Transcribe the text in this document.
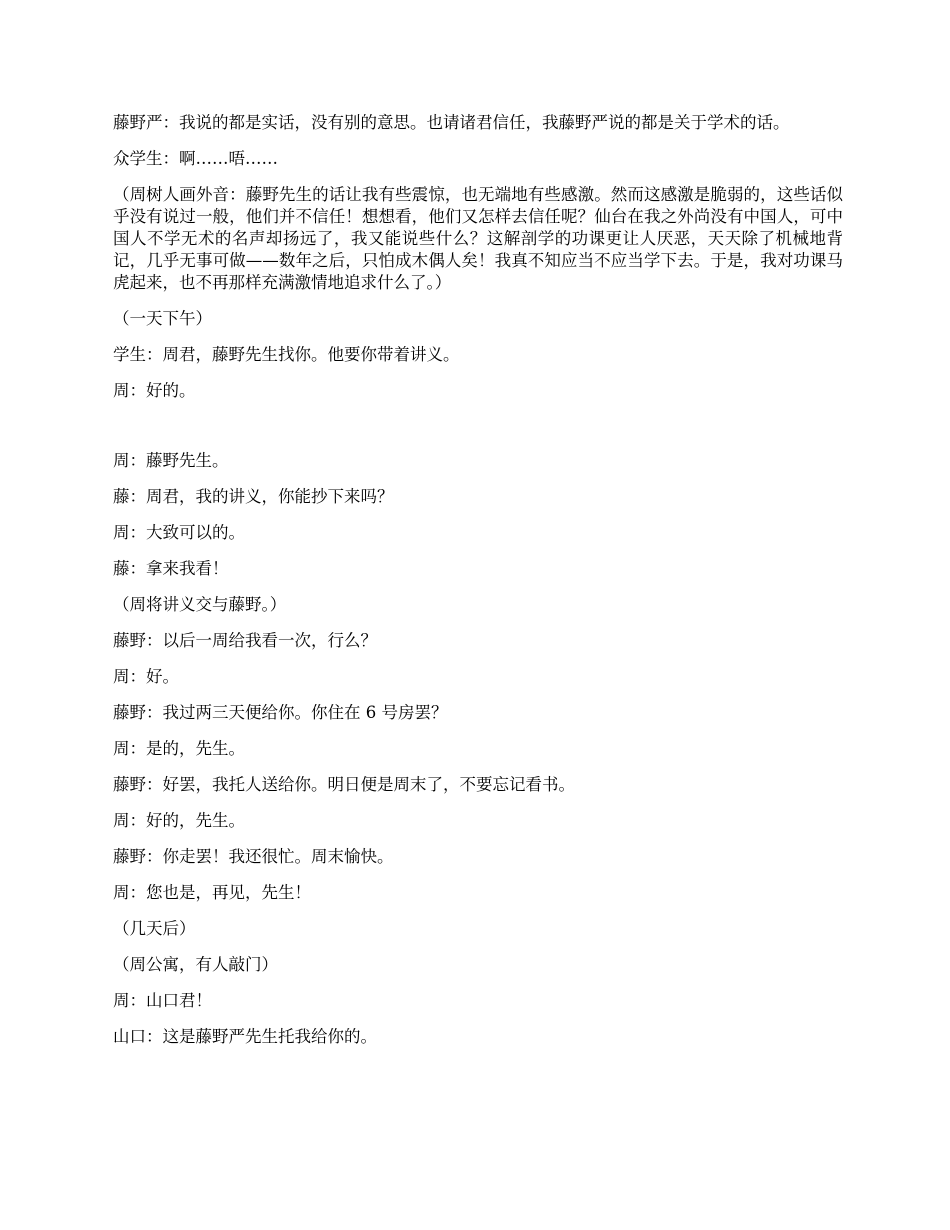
藤野严：我说的都是实话，没有别的意思。也请诸君信任，我藤野严说的都是关于学术的话。

众学生：啊……唔……

（周树人画外音：藤野先生的话让我有些震惊，也无端地有些感激。然而这感激是脆弱的，这些话似乎没有说过一般，他们并不信任！想想看，他们又怎样去信任呢？仙台在我之外尚没有中国人，可中国人不学无术的名声却扬远了，我又能说些什么？这解剖学的功课更让人厌恶，天天除了机械地背记，几乎无事可做——数年之后，只怕成木偶人矣！我真不知应当不应当学下去。于是，我对功课马虎起来，也不再那样充满激情地追求什么了。）

（一天下午）

学生：周君，藤野先生找你。他要你带着讲义。

周：好的。

周：藤野先生。

藤：周君，我的讲义，你能抄下来吗？

周：大致可以的。

藤：拿来我看！

（周将讲义交与藤野。）

藤野：以后一周给我看一次，行么？

周：好。

藤野：我过两三天便给你。你住在 6 号房罢？

周：是的，先生。

藤野：好罢，我托人送给你。明日便是周末了，不要忘记看书。

周：好的，先生。

藤野：你走罢！我还很忙。周末愉快。

周：您也是，再见，先生！

（几天后）

（周公寓，有人敲门）

周：山口君！

山口：这是藤野严先生托我给你的。
